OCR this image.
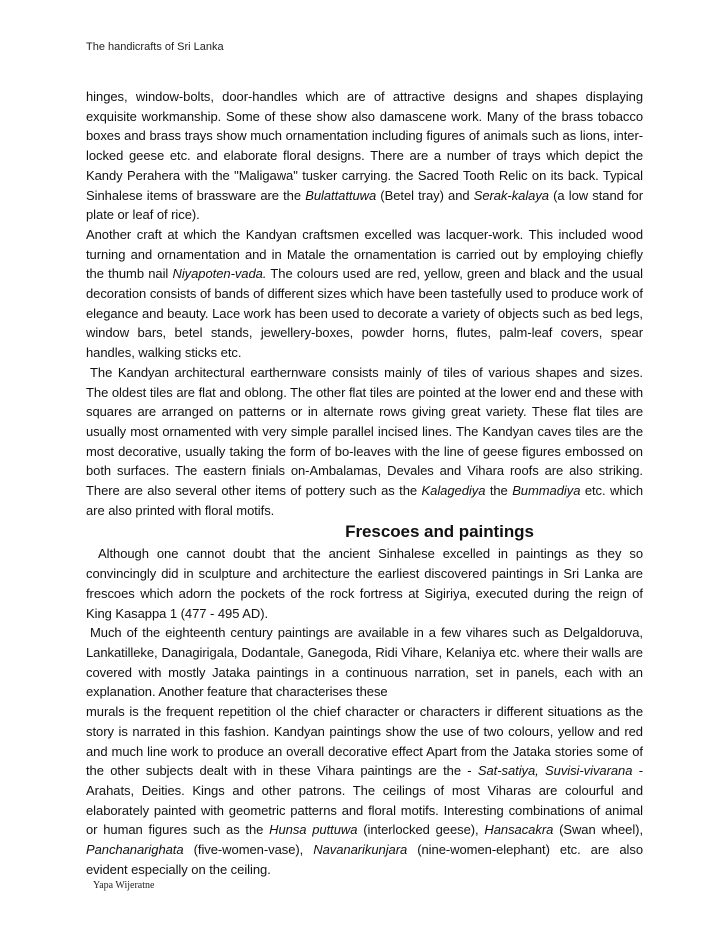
The handicrafts of Sri Lanka

hinges, window-bolts, door-handles which are of attractive designs and shapes displaying exquisite workmanship. Some of these show also damascene work. Many of the brass tobacco boxes and brass trays show much ornamentation including figures of animals such as lions, inter-locked geese etc. and elaborate floral designs. There are a number of trays which depict the Kandy Perahera with the "Maligawa" tusker carrying. the Sacred Tooth Relic on its back. Typical Sinhalese items of brassware are the Bulattattuwa (Betel tray) and Serak-kalaya (a low stand for plate or leaf of rice).

Another craft at which the Kandyan craftsmen excelled was lacquer-work. This included wood turning and ornamentation and in Matale the ornamentation is carried out by employing chiefly the thumb nail Niyapoten-vada. The colours used are red, yellow, green and black and the usual decoration consists of bands of different sizes which have been tastefully used to produce work of elegance and beauty. Lace work has been used to decorate a variety of objects such as bed legs, window bars, betel stands, jewellery-boxes, powder horns, flutes, palm-leaf covers, spear handles, walking sticks etc.

The Kandyan architectural earthernware consists mainly of tiles of various shapes and sizes. The oldest tiles are flat and oblong. The other flat tiles are pointed at the lower end and these with squares are arranged on patterns or in alternate rows giving great variety. These flat tiles are usually most ornamented with very simple parallel incised lines. The Kandyan caves tiles are the most decorative, usually taking the form of bo-leaves with the line of geese figures embossed on both surfaces. The eastern finials on-Ambalamas, Devales and Vihara roofs are also striking. There are also several other items of pottery such as the Kalagediya the Bummadiya etc. which are also printed with floral motifs.

Frescoes and paintings

Although one cannot doubt that the ancient Sinhalese excelled in paintings as they so convincingly did in sculpture and architecture the earliest discovered paintings in Sri Lanka are frescoes which adorn the pockets of the rock fortress at Sigiriya, executed during the reign of King Kasappa 1 (477 - 495 AD).

Much of the eighteenth century paintings are available in a few vihares such as Delgaldoruva, Lankatilleke, Danagirigala, Dodantale, Ganegoda, Ridi Vihare, Kelaniya etc. where their walls are covered with mostly Jataka paintings in a continuous narration, set in panels, each with an explanation. Another feature that characterises these

murals is the frequent repetition ol the chief character or characters ir different situations as the story is narrated in this fashion. Kandyan paintings show the use of two colours, yellow and red and much line work to produce an overall decorative effect Apart from the Jataka stories some of the other subjects dealt with in these Vihara paintings are the - Sat-satiya, Suvisi-vivarana - Arahats, Deities. Kings and other patrons. The ceilings of most Viharas are colourful and elaborately painted with geometric patterns and floral motifs. Interesting combinations of animal or human figures such as the Hunsa puttuwa (interlocked geese), Hansacakra (Swan wheel), Panchanarighata (five-women-vase), Navanarikunjara (nine-women-elephant) etc. are also evident especially on the ceiling.

Yapa Wijeratne
